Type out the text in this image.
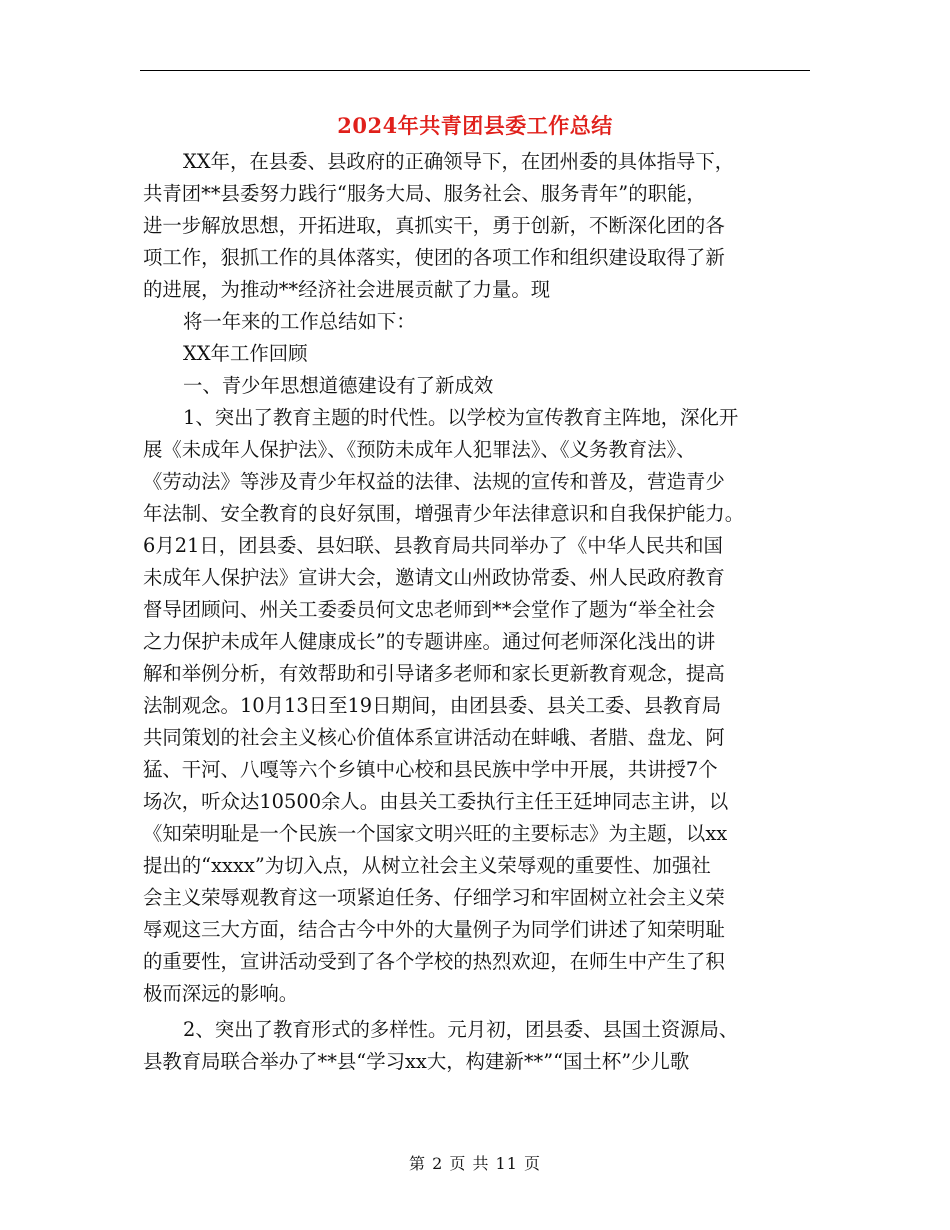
2024年共青团县委工作总结
XX年，在县委、县政府的正确领导下，在团州委的具体指导下，
共青团**县委努力践行“服务大局、服务社会、服务青年”的职能，
进一步解放思想，开拓进取，真抓实干，勇于创新，不断深化团的各
项工作，狠抓工作的具体落实，使团的各项工作和组织建设取得了新
的进展，为推动**经济社会进展贡献了力量。现
将一年来的工作总结如下：
XX年工作回顾
一、青少年思想道德建设有了新成效
1、突出了教育主题的时代性。以学校为宣传教育主阵地，深化开
展《未成年人保护法》、《预防未成年人犯罪法》、《义务教育法》、
《劳动法》等涉及青少年权益的法律、法规的宣传和普及，营造青少
年法制、安全教育的良好氛围，增强青少年法律意识和自我保护能力。
6月21日，团县委、县妇联、县教育局共同举办了《中华人民共和国
未成年人保护法》宣讲大会，邀请文山州政协常委、州人民政府教育
督导团顾问、州关工委委员何文忠老师到**会堂作了题为“举全社会
之力保护未成年人健康成长”的专题讲座。通过何老师深化浅出的讲
解和举例分析，有效帮助和引导诸多老师和家长更新教育观念，提高
法制观念。10月13日至19日期间，由团县委、县关工委、县教育局
共同策划的社会主义核心价值体系宣讲活动在蚌峨、者腊、盘龙、阿
猛、干河、八嘎等六个乡镇中心校和县民族中学中开展，共讲授7个
场次，听众达10500余人。由县关工委执行主任王廷坤同志主讲，以
《知荣明耻是一个民族一个国家文明兴旺的主要标志》为主题，以xx
提出的“xxxx”为切入点，从树立社会主义荣辱观的重要性、加强社
会主义荣辱观教育这一项紧迫任务、仔细学习和牢固树立社会主义荣
辱观这三大方面，结合古今中外的大量例子为同学们讲述了知荣明耻
的重要性，宣讲活动受到了各个学校的热烈欢迎，在师生中产生了积
极而深远的影响。
2、突出了教育形式的多样性。元月初，团县委、县国土资源局、
县教育局联合举办了**县“学习xx大，构建新**”“国土杯”少儿歌
第 2 页 共 11 页
